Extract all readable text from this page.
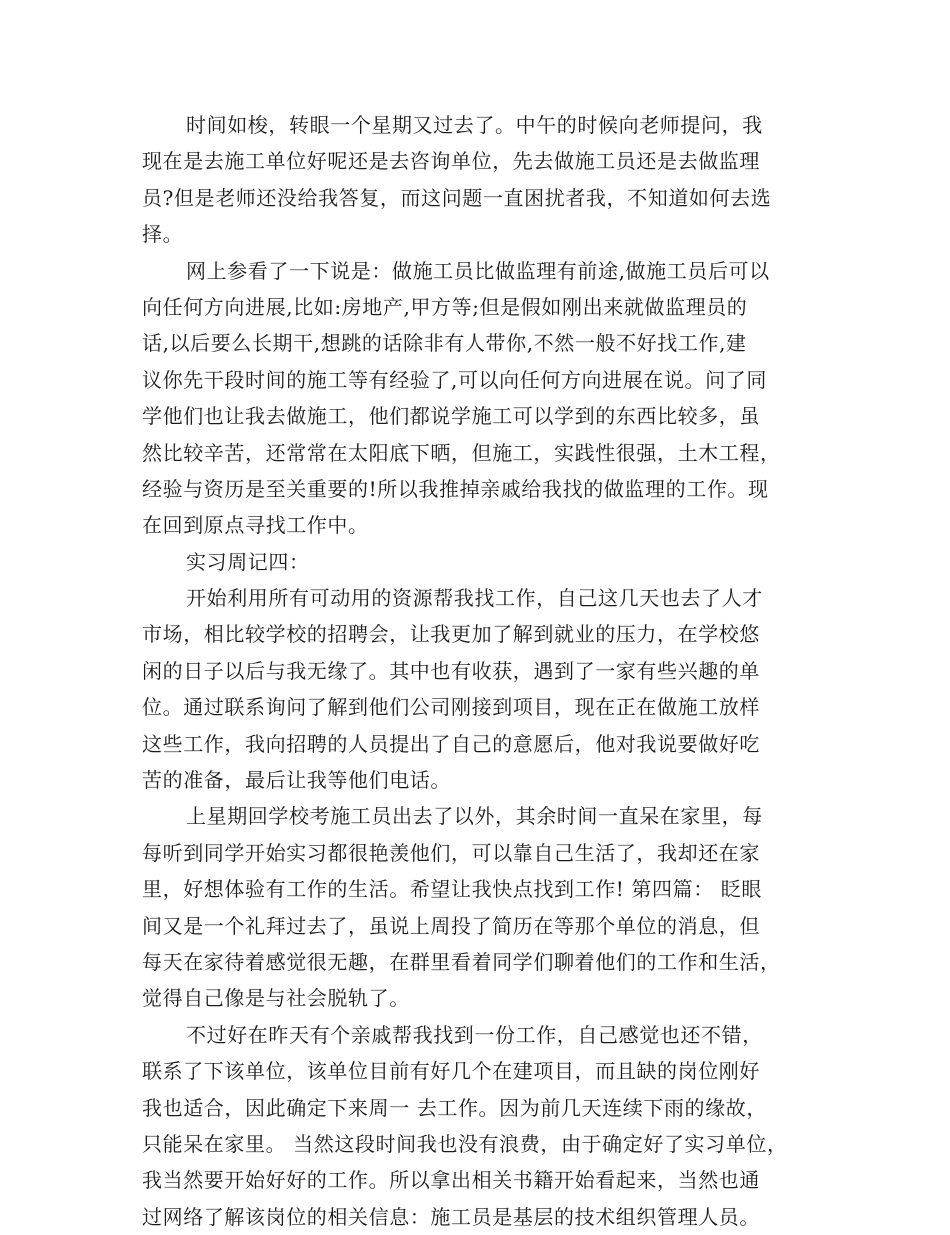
时间如梭，转眼一个星期又过去了。中午的时候向老师提问，我
现在是去施工单位好呢还是去咨询单位，先去做施工员还是去做监理
员?但是老师还没给我答复，而这问题一直困扰者我，不知道如何去选
择。
网上参看了一下说是：做施工员比做监理有前途,做施工员后可以
向任何方向进展,比如:房地产,甲方等;但是假如刚出来就做监理员的
话,以后要么长期干,想跳的话除非有人带你,不然一般不好找工作,建
议你先干段时间的施工等有经验了,可以向任何方向进展在说。问了同
学他们也让我去做施工，他们都说学施工可以学到的东西比较多，虽
然比较辛苦，还常常在太阳底下晒，但施工，实践性很强，土木工程，
经验与资历是至关重要的!所以我推掉亲戚给我找的做监理的工作。现
在回到原点寻找工作中。
实习周记四：
开始利用所有可动用的资源帮我找工作，自己这几天也去了人才
市场，相比较学校的招聘会，让我更加了解到就业的压力，在学校悠
闲的日子以后与我无缘了。其中也有收获，遇到了一家有些兴趣的单
位。通过联系询问了解到他们公司刚接到项目，现在正在做施工放样
这些工作，我向招聘的人员提出了自己的意愿后，他对我说要做好吃
苦的准备，最后让我等他们电话。
上星期回学校考施工员出去了以外，其余时间一直呆在家里，每
每听到同学开始实习都很艳羡他们，可以靠自己生活了，我却还在家
里，好想体验有工作的生活。希望让我快点找到工作! 第四篇： 眨眼
间又是一个礼拜过去了，虽说上周投了简历在等那个单位的消息，但
每天在家待着感觉很无趣，在群里看着同学们聊着他们的工作和生活，
觉得自己像是与社会脱轨了。
不过好在昨天有个亲戚帮我找到一份工作，自己感觉也还不错，
联系了下该单位，该单位目前有好几个在建项目，而且缺的岗位刚好
我也适合，因此确定下来周一 去工作。因为前几天连续下雨的缘故，
只能呆在家里。 当然这段时间我也没有浪费，由于确定好了实习单位，
我当然要开始好好的工作。所以拿出相关书籍开始看起来，当然也通
过网络了解该岗位的相关信息：施工员是基层的技术组织管理人员。
